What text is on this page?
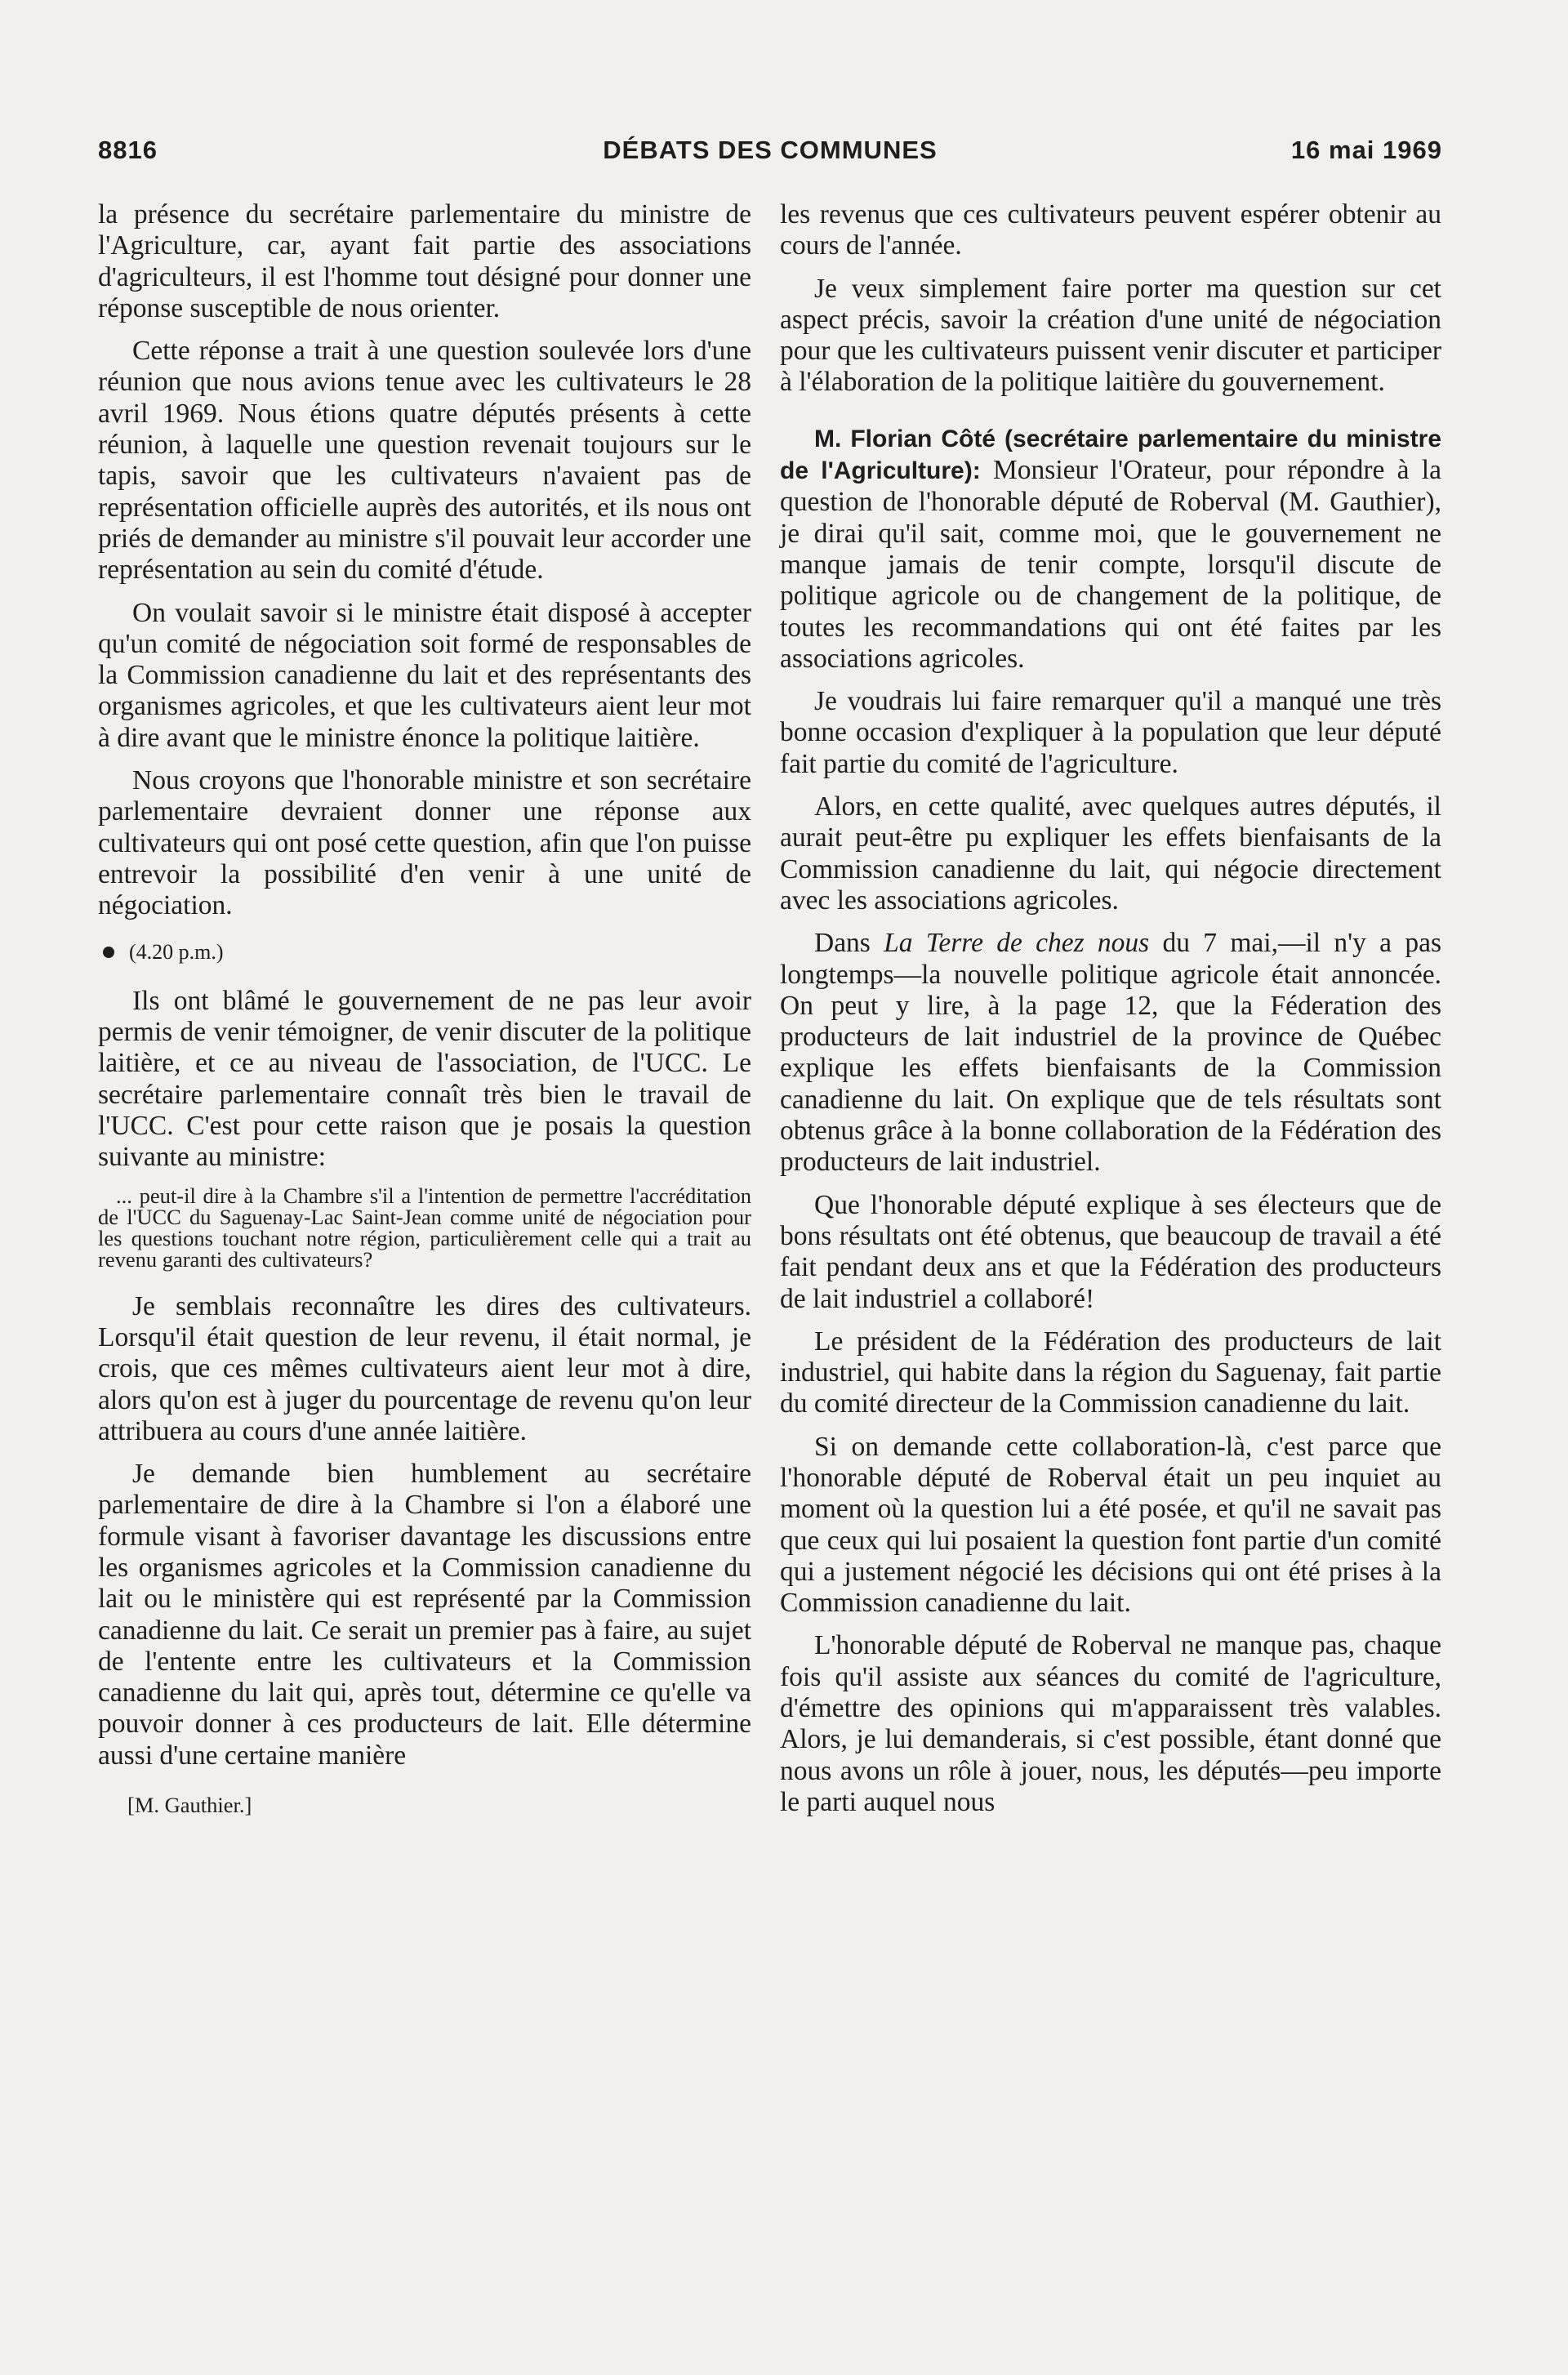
8816	DÉBATS DES COMMUNES	16 mai 1969

la présence du secrétaire parlementaire du ministre de l'Agriculture, car, ayant fait partie des associations d'agriculteurs, il est l'homme tout désigné pour donner une réponse susceptible de nous orienter.

Cette réponse a trait à une question soulevée lors d'une réunion que nous avions tenue avec les cultivateurs le 28 avril 1969. Nous étions quatre députés présents à cette réunion, à laquelle une question revenait toujours sur le tapis, savoir que les cultivateurs n'avaient pas de représentation officielle auprès des autorités, et ils nous ont priés de demander au ministre s'il pouvait leur accorder une représentation au sein du comité d'étude.

On voulait savoir si le ministre était disposé à accepter qu'un comité de négociation soit formé de responsables de la Commission canadienne du lait et des représentants des organismes agricoles, et que les cultivateurs aient leur mot à dire avant que le ministre énonce la politique laitière.

Nous croyons que l'honorable ministre et son secrétaire parlementaire devraient donner une réponse aux cultivateurs qui ont posé cette question, afin que l'on puisse entrevoir la possibilité d'en venir à une unité de négociation.

(4.20 p.m.)

Ils ont blâmé le gouvernement de ne pas leur avoir permis de venir témoigner, de venir discuter de la politique laitière, et ce au niveau de l'association, de l'UCC. Le secrétaire parlementaire connaît très bien le travail de l'UCC. C'est pour cette raison que je posais la question suivante au ministre:

... peut-il dire à la Chambre s'il a l'intention de permettre l'accréditation de l'UCC du Saguenay-Lac Saint-Jean comme unité de négociation pour les questions touchant notre région, particulièrement celle qui a trait au revenu garanti des cultivateurs?

Je semblais reconnaître les dires des cultivateurs. Lorsqu'il était question de leur revenu, il était normal, je crois, que ces mêmes cultivateurs aient leur mot à dire, alors qu'on est à juger du pourcentage de revenu qu'on leur attribuera au cours d'une année laitière.

Je demande bien humblement au secrétaire parlementaire de dire à la Chambre si l'on a élaboré une formule visant à favoriser davantage les discussions entre les organismes agricoles et la Commission canadienne du lait ou le ministère qui est représenté par la Commission canadienne du lait. Ce serait un premier pas à faire, au sujet de l'entente entre les cultivateurs et la Commission canadienne du lait qui, après tout, détermine ce qu'elle va pouvoir donner à ces producteurs de lait. Elle détermine aussi d'une certaine manière

[M. Gauthier.]

les revenus que ces cultivateurs peuvent espérer obtenir au cours de l'année.

Je veux simplement faire porter ma question sur cet aspect précis, savoir la création d'une unité de négociation pour que les cultivateurs puissent venir discuter et participer à l'élaboration de la politique laitière du gouvernement.

M. Florian Côté (secrétaire parlementaire du ministre de l'Agriculture): Monsieur l'Orateur, pour répondre à la question de l'honorable député de Roberval (M. Gauthier), je dirai qu'il sait, comme moi, que le gouvernement ne manque jamais de tenir compte, lorsqu'il discute de politique agricole ou de changement de la politique, de toutes les recommandations qui ont été faites par les associations agricoles.

Je voudrais lui faire remarquer qu'il a manqué une très bonne occasion d'expliquer à la population que leur député fait partie du comité de l'agriculture.

Alors, en cette qualité, avec quelques autres députés, il aurait peut-être pu expliquer les effets bienfaisants de la Commission canadienne du lait, qui négocie directement avec les associations agricoles.

Dans La Terre de chez nous du 7 mai,—il n'y a pas longtemps—la nouvelle politique agricole était annoncée. On peut y lire, à la page 12, que la Féderation des producteurs de lait industriel de la province de Québec explique les effets bienfaisants de la Commission canadienne du lait. On explique que de tels résultats sont obtenus grâce à la bonne collaboration de la Fédération des producteurs de lait industriel.

Que l'honorable député explique à ses électeurs que de bons résultats ont été obtenus, que beaucoup de travail a été fait pendant deux ans et que la Fédération des producteurs de lait industriel a collaboré!

Le président de la Fédération des producteurs de lait industriel, qui habite dans la région du Saguenay, fait partie du comité directeur de la Commission canadienne du lait.

Si on demande cette collaboration-là, c'est parce que l'honorable député de Roberval était un peu inquiet au moment où la question lui a été posée, et qu'il ne savait pas que ceux qui lui posaient la question font partie d'un comité qui a justement négocié les décisions qui ont été prises à la Commission canadienne du lait.

L'honorable député de Roberval ne manque pas, chaque fois qu'il assiste aux séances du comité de l'agriculture, d'émettre des opinions qui m'apparaissent très valables. Alors, je lui demanderais, si c'est possible, étant donné que nous avons un rôle à jouer, nous, les députés—peu importe le parti auquel nous
